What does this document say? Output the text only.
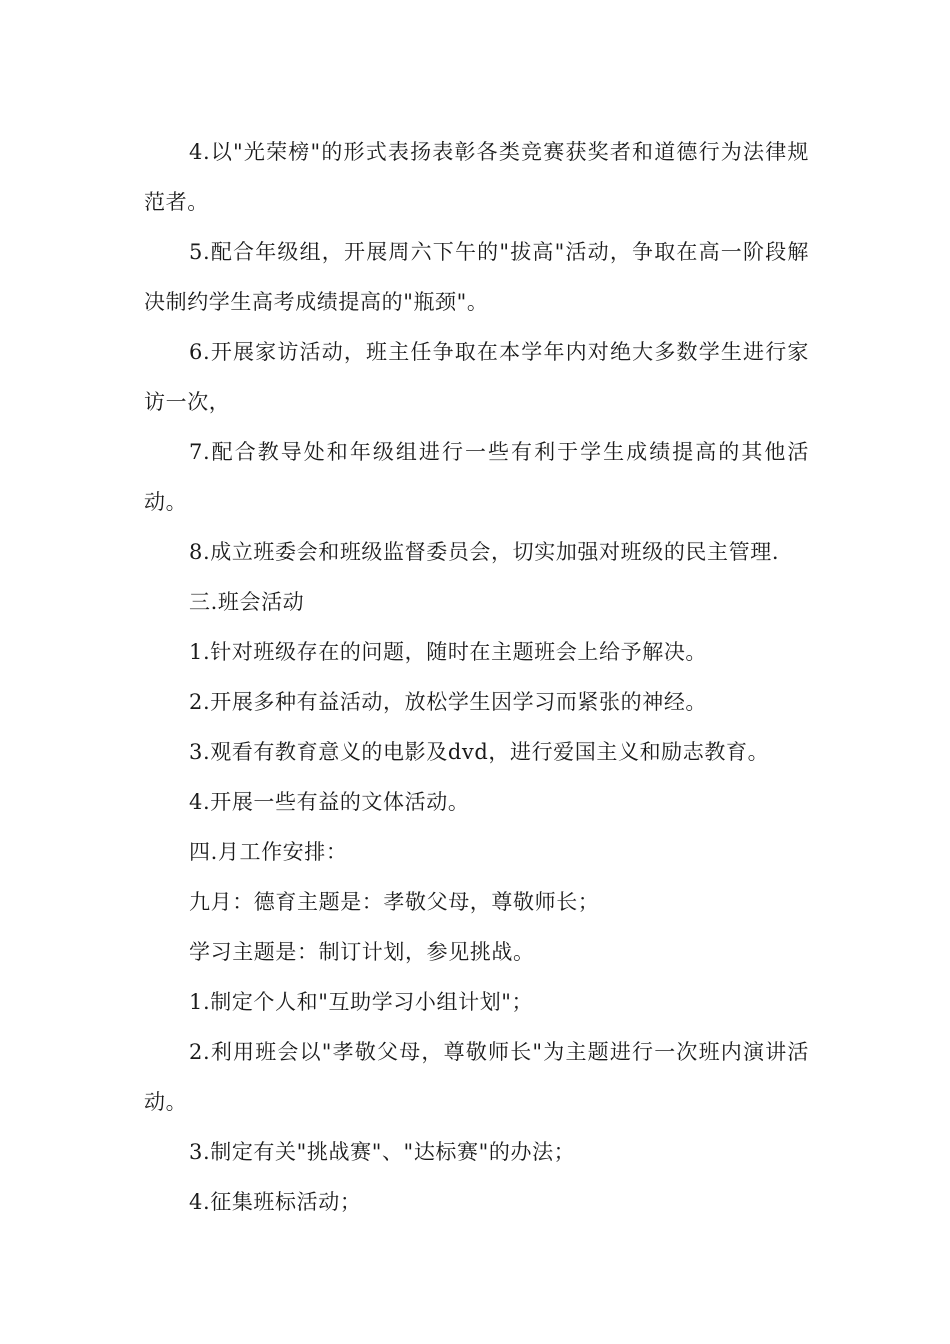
4.以"光荣榜"的形式表扬表彰各类竞赛获奖者和道德行为法律规范者。

5.配合年级组，开展周六下午的"拔高"活动，争取在高一阶段解决制约学生高考成绩提高的"瓶颈"。

6.开展家访活动，班主任争取在本学年内对绝大多数学生进行家访一次，

7.配合教导处和年级组进行一些有利于学生成绩提高的其他活动。

8.成立班委会和班级监督委员会，切实加强对班级的民主管理.

三.班会活动

1.针对班级存在的问题，随时在主题班会上给予解决。

2.开展多种有益活动，放松学生因学习而紧张的神经。

3.观看有教育意义的电影及dvd，进行爱国主义和励志教育。

4.开展一些有益的文体活动。

四.月工作安排：

九月：德育主题是：孝敬父母，尊敬师长；

学习主题是：制订计划，参见挑战。

1.制定个人和"互助学习小组计划"；

2.利用班会以"孝敬父母，尊敬师长"为主题进行一次班内演讲活动。

3.制定有关"挑战赛"、"达标赛"的办法；

4.征集班标活动；
